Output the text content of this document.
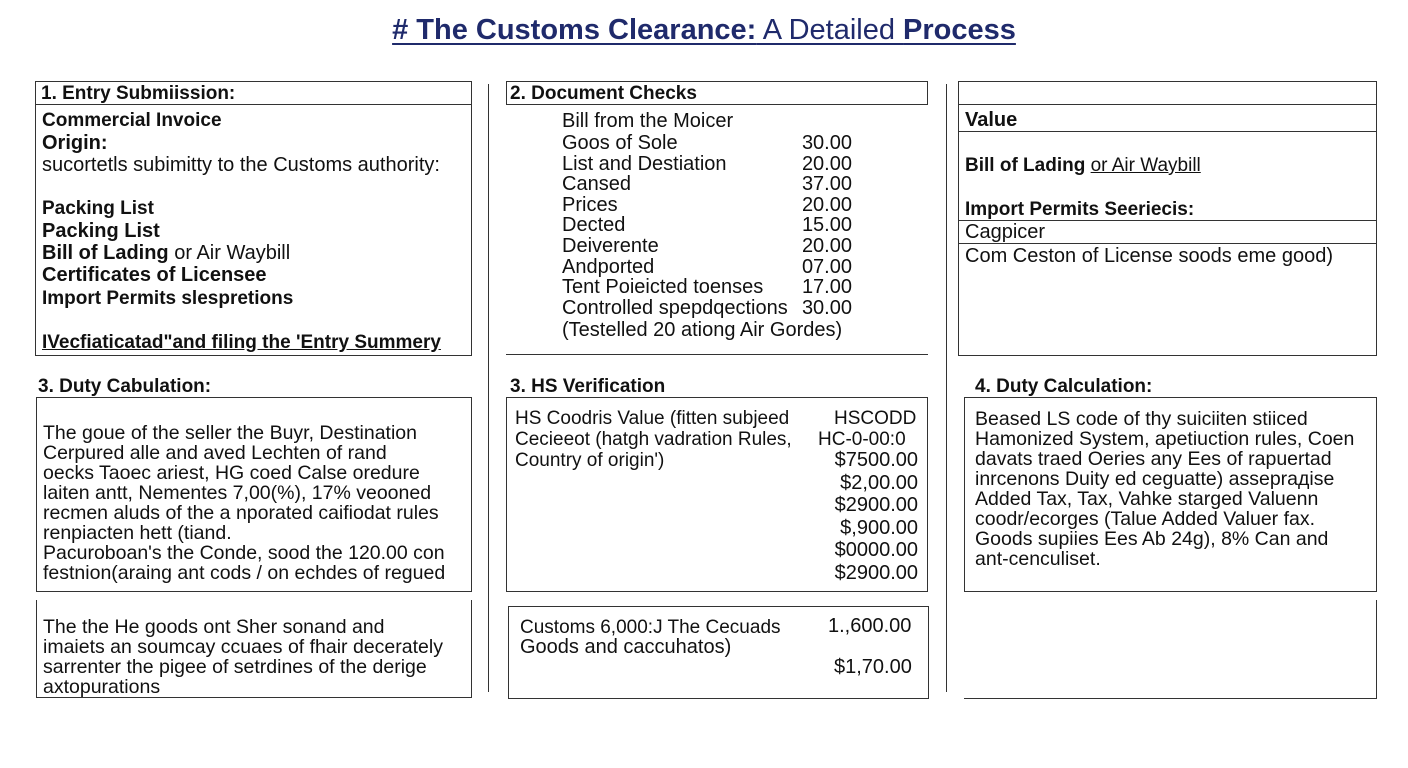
# The Customs Clearance: A Detailed Process
1. Entry Submiission:
Commercial Invoice
Origin:
sucortetls subimitty to the Customs authority:
Packing List
Packing List
Bill of Lading or Air Waybill
Certificates of Licensee
Import Permits slespretions
IVecfiaticatad"and filing the 'Entry Summery
2. Document Checks
Bill from the Moicer
Goos of Sole	30.00
List and Destiation	20.00
Cansed	37.00
Prices	20.00
Dected	15.00
Deiverente	20.00
Andported	07.00
Tent Poieicted toenses 17.00
Controlled spepdqections 30.00
(Testelled 20 ationg Air Gordes)
Value
Bill of Lading or Air Waybill
Import Permits Seeriecis:
Cagpicer
Com Ceston of License soods eme good)
3. Duty Cabulation:
The goue of the seller the Buyr, Destination
Cerpured alle and aved Lechten of rand
oecks Taoec ariest, HG coed Calse oredure
laiten antt, Nementes 7,00(%), 17% veooned
recmen aluds of the a nporated caifiodat rules
renpiacten hett (tiand.
Pacuroboan's the Conde, sood the 120.00 con
festnion(araing ant cods / on echdes of regued
3. HS Verification
HS Coodris Value (fitten subjeed HSCODD
Cecieeot (hatgh vadration Rules, HC-0-00:0
Country of origin')	$7500.00
$2,00.00
$2900.00
$,900.00
$0000.00
$2900.00
4. Duty Calculation:
Beased LS code of thy suiciiten stiiced
Hamonized System, apetiuction rules, Coen
davats traed Oeries any Ees of rapuertad
inrcenons Duity ed ceguatte) asseprадise
Added Tax, Tax, Vahke starged Valuenn
coodr/ecorges (Talue Added Valuer fax.
Goods supiies Ees Ab 24g), 8% Can and
ant-cenculiset.
The the He goods ont Sher sonand and
imaiets an soumcay ccuaes of fhair decerately
sarrenter the pigee of setrdines of the derige
axtopurations
Customs 6,000:J The Cecuads 1.,600.00
Goods and caccuhatos)
$1,70.00
